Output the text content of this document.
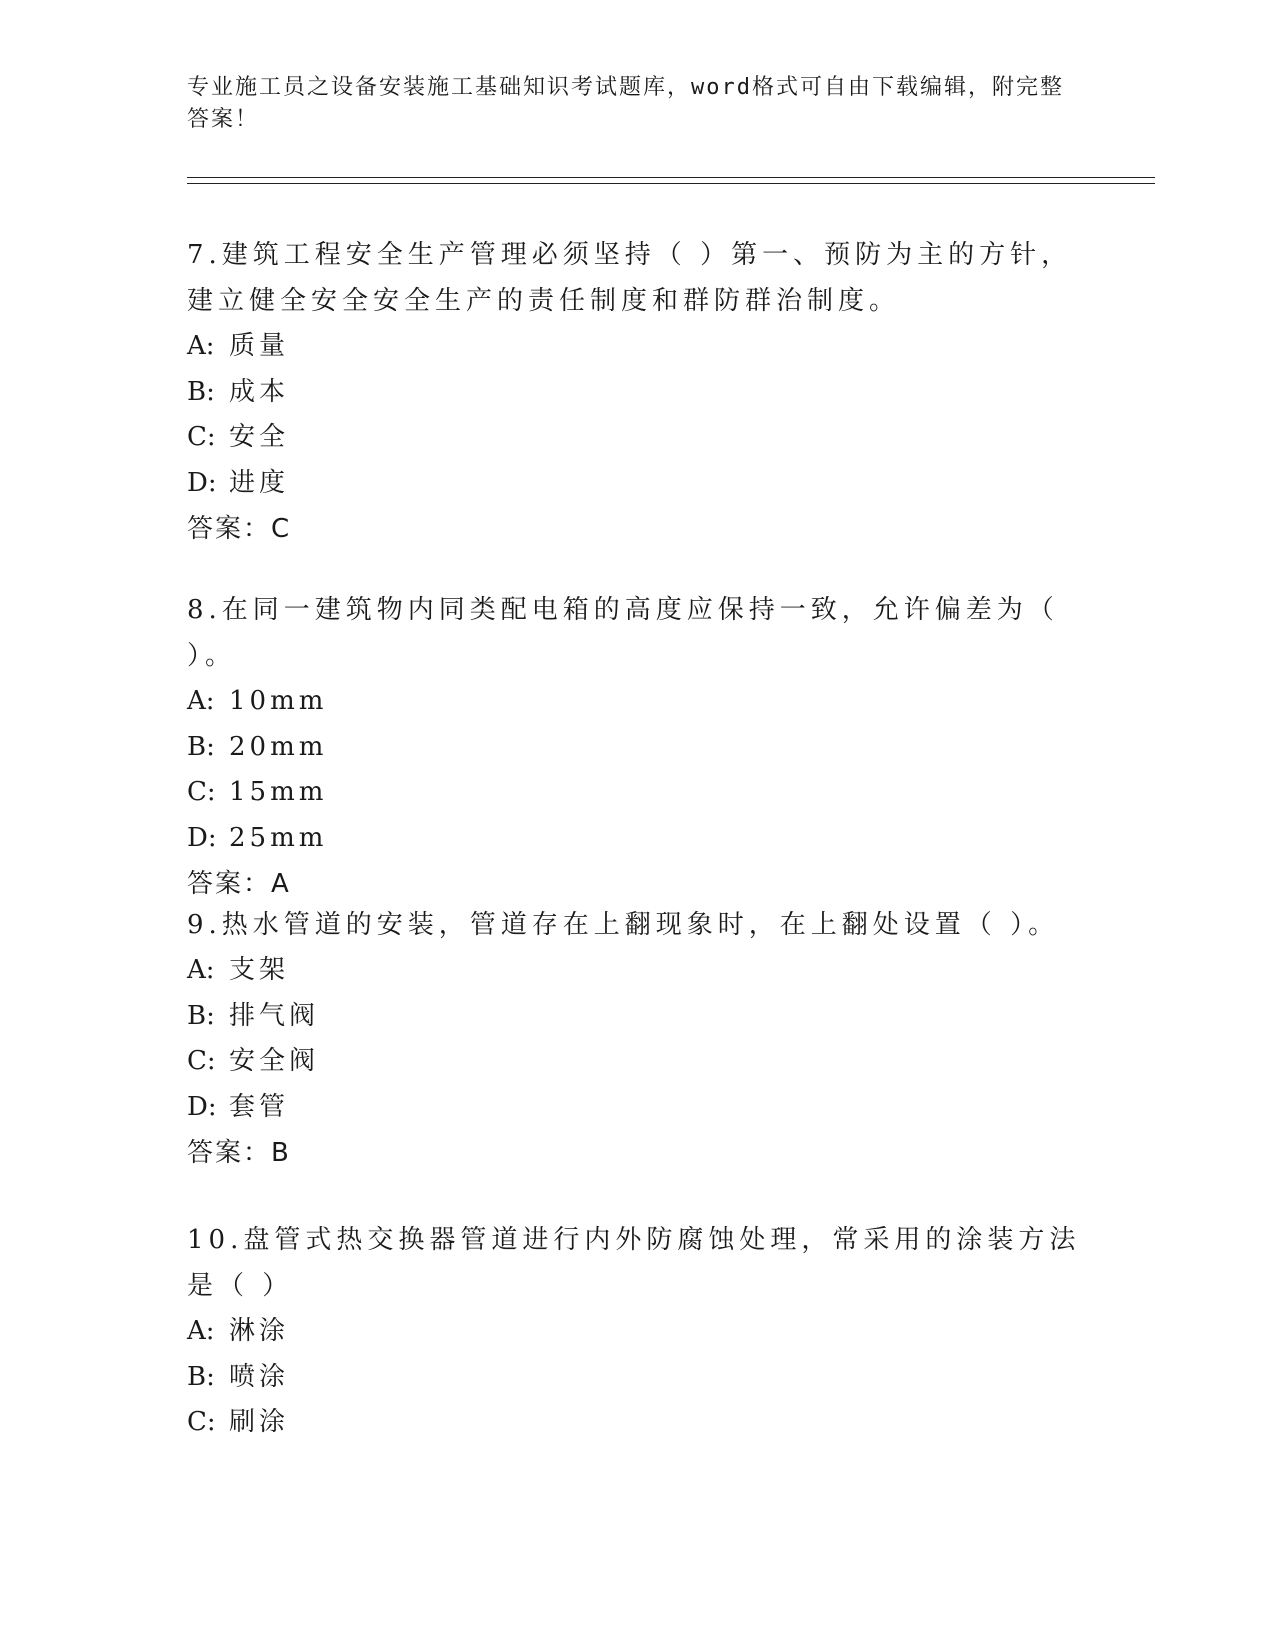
专业施工员之设备安装施工基础知识考试题库，word格式可自由下载编辑，附完整答案！

7.建筑工程安全生产管理必须坚持（ ）第一、预防为主的方针，建立健全安全安全生产的责任制度和群防群治制度。

A: 质量

B: 成本

C: 安全

D: 进度

答案：C

8.在同一建筑物内同类配电箱的高度应保持一致，允许偏差为（ ）。

A: 10mm

B: 20mm

C: 15mm

D: 25mm

答案：A

9.热水管道的安装，管道存在上翻现象时，在上翻处设置（ ）。

A: 支架

B: 排气阀

C: 安全阀

D: 套管

答案：B

10.盘管式热交换器管道进行内外防腐蚀处理，常采用的涂装方法是（ ）

A: 淋涂

B: 喷涂

C: 刷涂
